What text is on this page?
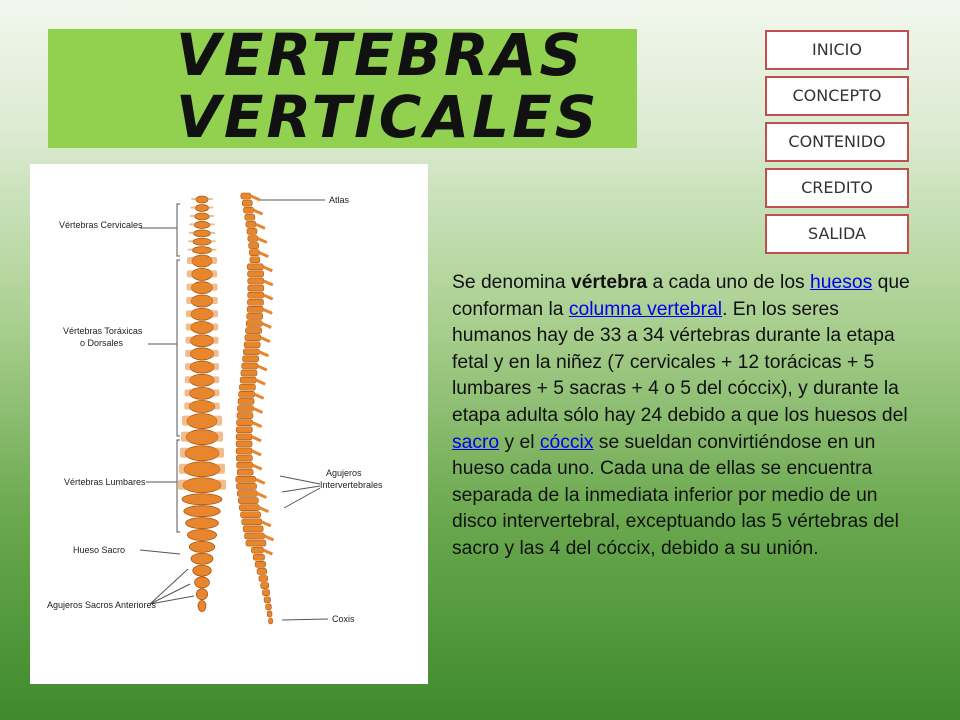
VERTEBRAS
VERTICALES
INICIO
CONCEPTO
CONTENIDO
CREDITO
SALIDA
Vértebras Cervicales
Vértebras Toráxicas
o Dorsales
Vértebras Lumbares
Hueso Sacro
Agujeros Sacros Anteriores
Atlas
Agujeros
Intervertebrales
Coxis
Se denomina vértebra a cada uno de los huesos que conforman la columna vertebral. En los seres humanos hay de 33 a 34 vértebras durante la etapa fetal y en la niñez (7 cervicales + 12 torácicas + 5 lumbares + 5 sacras + 4 o 5 del cóccix), y durante la etapa adulta sólo hay 24 debido a que los huesos del sacro y el cóccix se sueldan convirtiéndose en un hueso cada uno. Cada una de ellas se encuentra separada de la inmediata inferior por medio de un disco intervertebral, exceptuando las 5 vértebras del sacro y las 4 del cóccix, debido a su unión.
